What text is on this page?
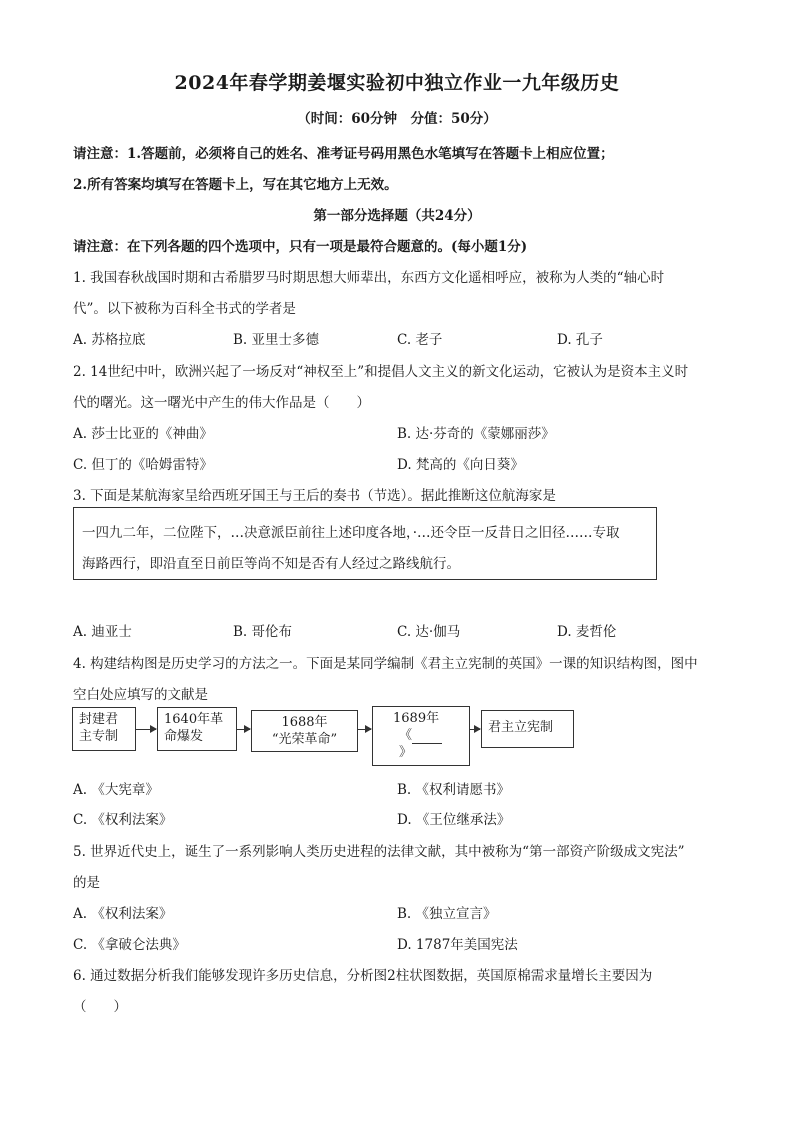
2024年春学期姜堰实验初中独立作业一九年级历史
（时间：60分钟　分值：50分）
请注意：1.答题前，必须将自己的姓名、准考证号码用黑色水笔填写在答题卡上相应位置；
2.所有答案均填写在答题卡上，写在其它地方上无效。
第一部分选择题（共24分）
请注意：在下列各题的四个选项中，只有一项是最符合题意的。(每小题1分)
1. 我国春秋战国时期和古希腊罗马时期思想大师辈出，东西方文化遥相呼应，被称为人类的“轴心时
代”。以下被称为百科全书式的学者是
A. 苏格拉底	B. 亚里士多德	C. 老子	D. 孔子
2. 14世纪中叶，欧洲兴起了一场反对“神权至上”和提倡人文主义的新文化运动，它被认为是资本主义时
代的曙光。这一曙光中产生的伟大作品是（　　）
A. 莎士比亚的《神曲》	B. 达·芬奇的《蒙娜丽莎》
C. 但丁的《哈姆雷特》	D. 梵高的《向日葵》
3. 下面是某航海家呈给西班牙国王与王后的奏书（节选）。据此推断这位航海家是
一四九二年，二位陛下，…决意派臣前往上述印度各地，·…还令臣一反昔日之旧径……专取
海路西行，即沿直至日前臣等尚不知是否有人经过之路线航行。
A. 迪亚士	B. 哥伦布	C. 达·伽马	D. 麦哲伦
4. 构建结构图是历史学习的方法之一。下面是某同学编制《君主立宪制的英国》一课的知识结构图，图中
空白处应填写的文献是
封建君
主专制
1640年革
命爆发
1688年
“光荣革命”
1689年
《
》
君主立宪制
A. 《大宪章》	B. 《权利请愿书》
C. 《权利法案》	D. 《王位继承法》
5. 世界近代史上，诞生了一系列影响人类历史进程的法律文献，其中被称为“第一部资产阶级成文宪法”
的是
A. 《权利法案》	B. 《独立宣言》
C. 《拿破仑法典》	D. 1787年美国宪法
6. 通过数据分析我们能够发现许多历史信息，分析图2柱状图数据，英国原棉需求量增长主要因为
（　　）
